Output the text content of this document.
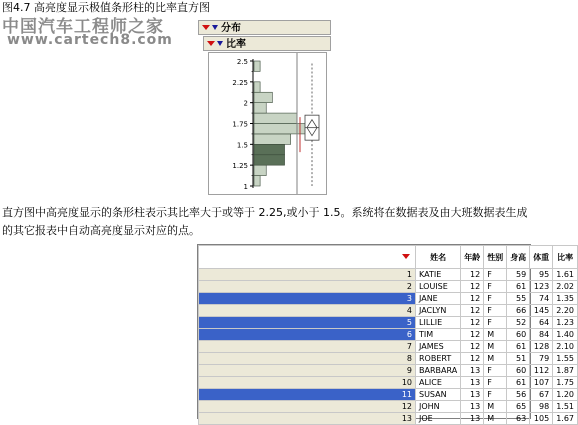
图4.7 高亮度显示极值条形柱的比率直方图
中国汽车工程师之家
www.cartech8.com
分布
比率
1
1.25
1.5
1.75
2
2.25
2.5
直方图中高亮度显示的条形柱表示其比率大于或等于 2.25,或小于 1.5。系统将在数据表及由大班数据表生成的其它报表中自动高亮度显示对应的点。
	姓名	年龄	性别	身高	体重	比率
1	KATIE	12	F	59	95	1.61
2	LOUISE	12	F	61	123	2.02
3	JANE	12	F	55	74	1.35
4	JACLYN	12	F	66	145	2.20
5	LILLIE	12	F	52	64	1.23
6	TIM	12	M	60	84	1.40
7	JAMES	12	M	61	128	2.10
8	ROBERT	12	M	51	79	1.55
9	BARBARA	13	F	60	112	1.87
10	ALICE	13	F	61	107	1.75
11	SUSAN	13	F	56	67	1.20
12	JOHN	13	M	65	98	1.51
13	JOE	13	M	63	105	1.67
